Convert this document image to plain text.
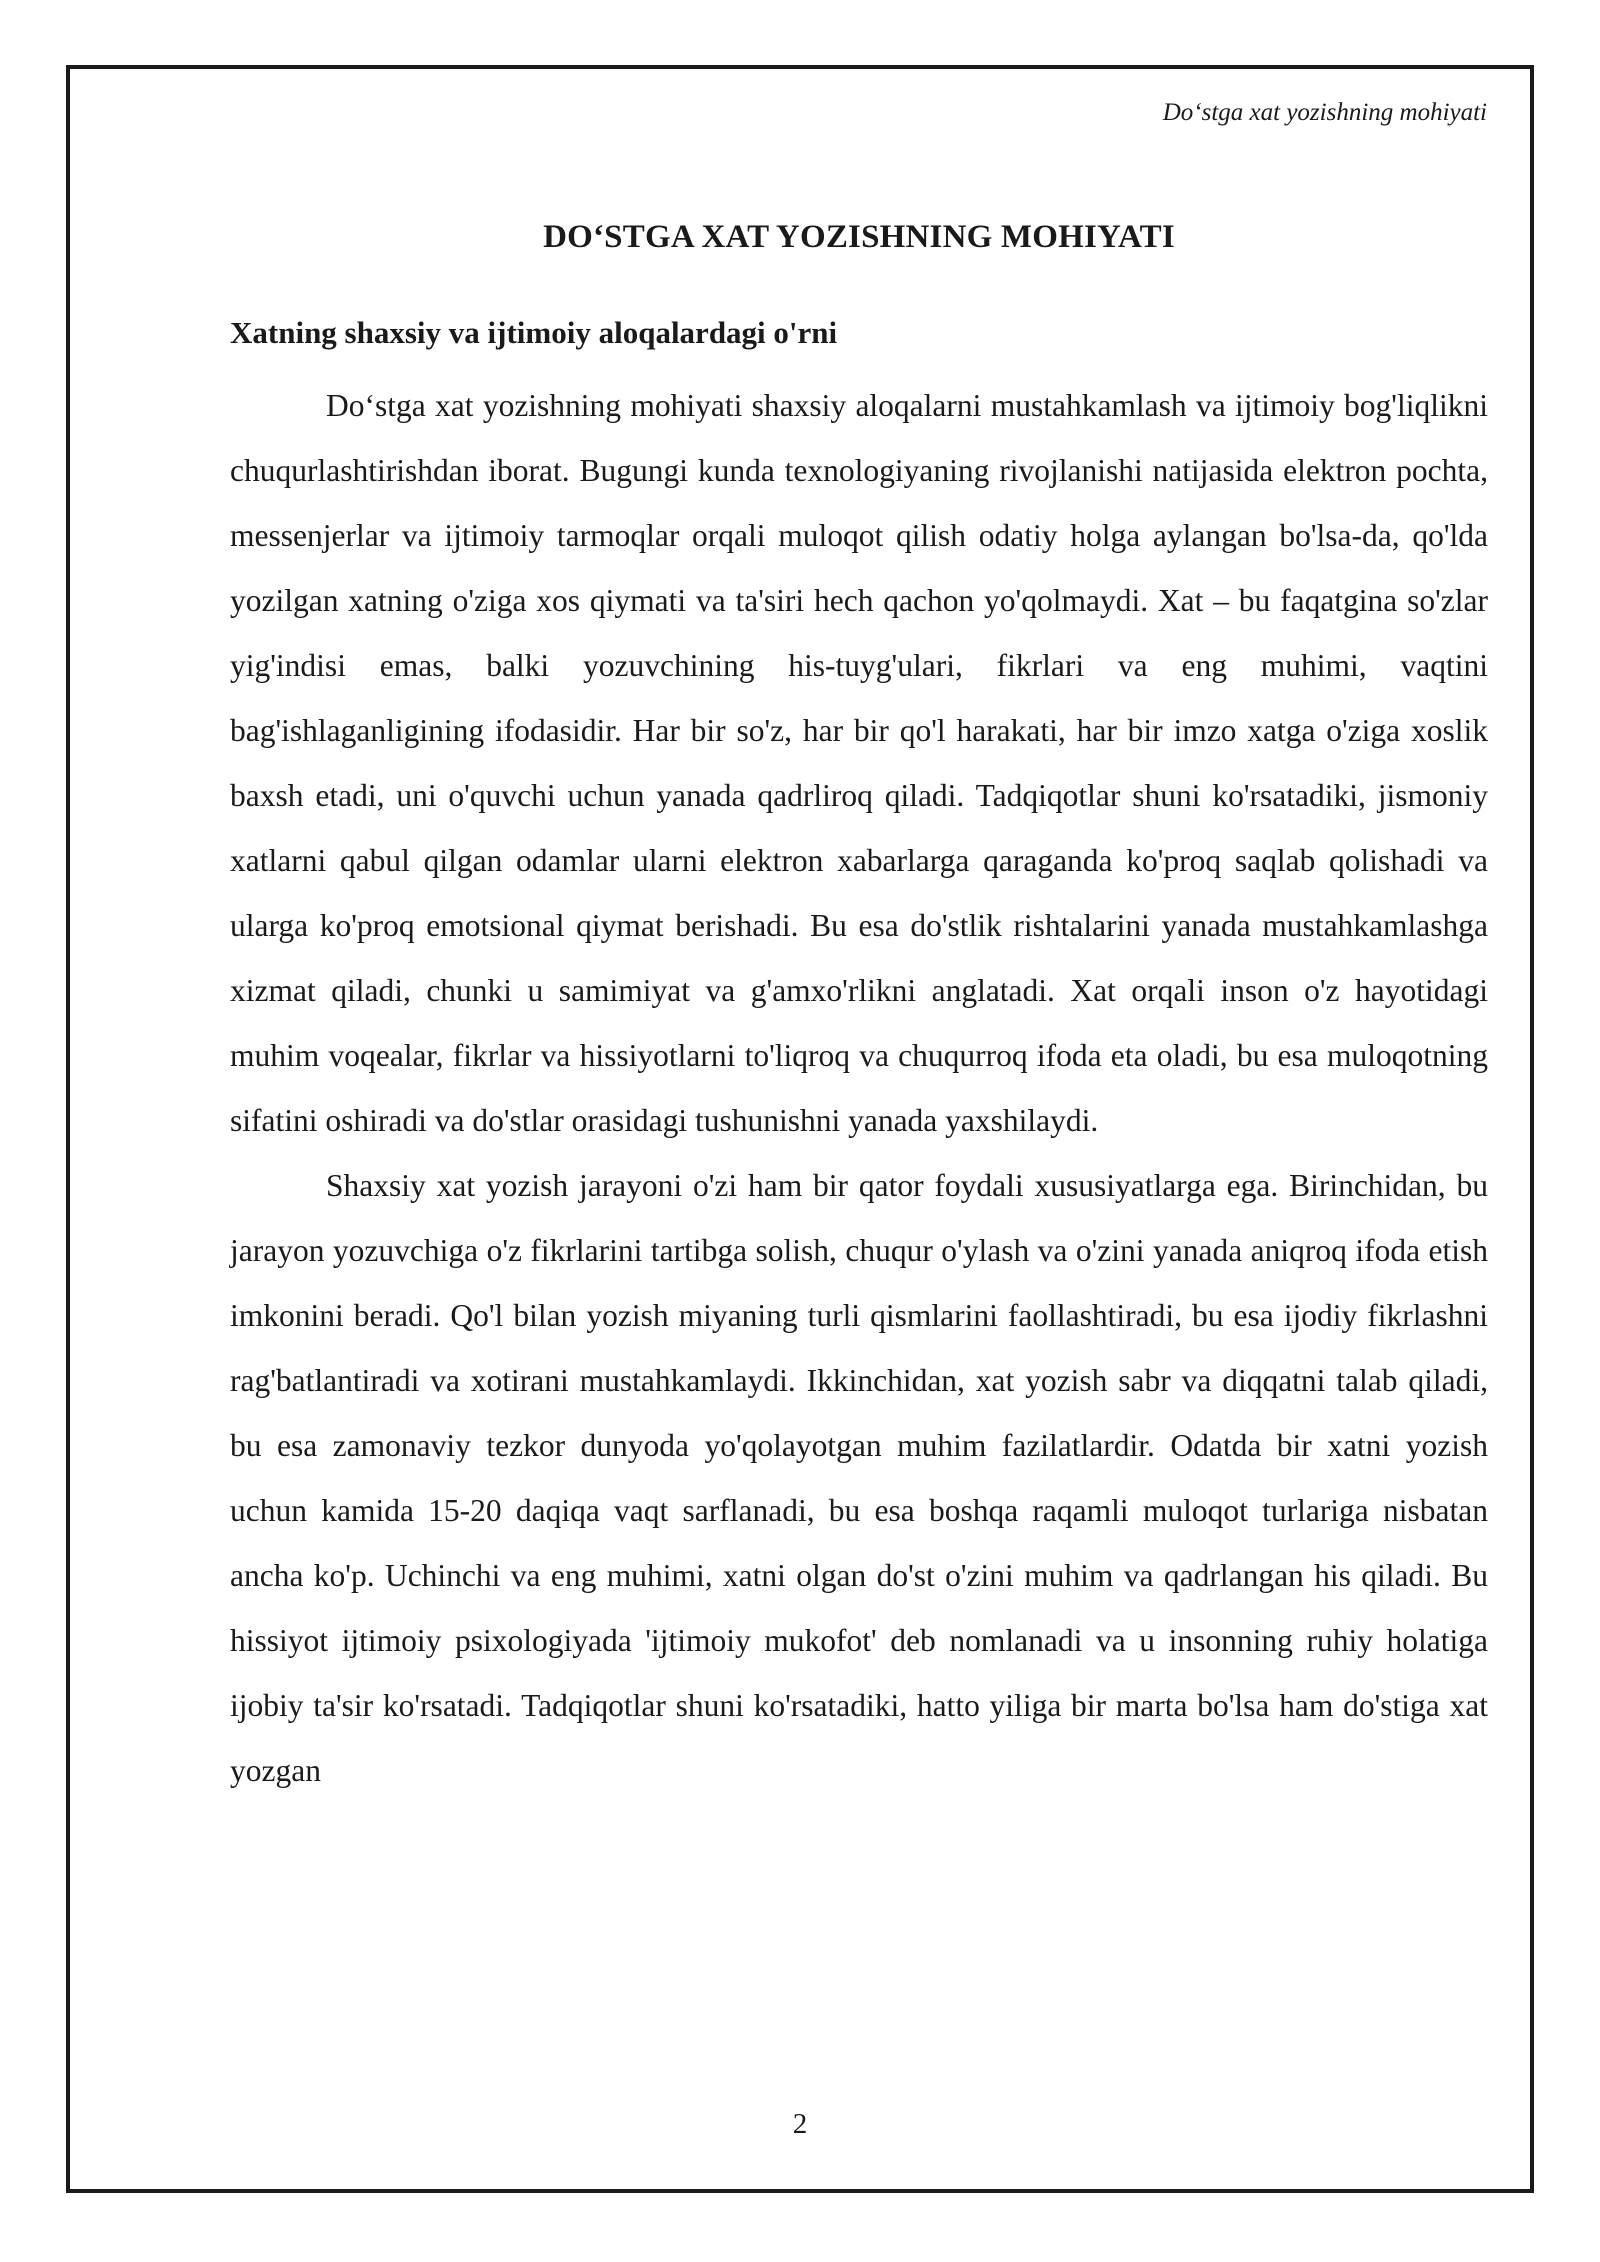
Do‘stga xat yozishning mohiyati
DO‘STGA XAT YOZISHNING MOHIYATI
Xatning shaxsiy va ijtimoiy aloqalardagi o'rni

Do‘stga xat yozishning mohiyati shaxsiy aloqalarni mustahkamlash va ijtimoiy bog'liqlikni chuqurlashtirishdan iborat. Bugungi kunda texnologiyaning rivojlanishi natijasida elektron pochta, messenjerlar va ijtimoiy tarmoqlar orqali muloqot qilish odatiy holga aylangan bo'lsa-da, qo'lda yozilgan xatning o'ziga xos qiymati va ta'siri hech qachon yo'qolmaydi. Xat – bu faqatgina so'zlar yig'indisi emas, balki yozuvchining his-tuyg'ulari, fikrlari va eng muhimi, vaqtini bag'ishlaganligining ifodasidir. Har bir so'z, har bir qo'l harakati, har bir imzo xatga o'ziga xoslik baxsh etadi, uni o'quvchi uchun yanada qadrliroq qiladi. Tadqiqotlar shuni ko'rsatadiki, jismoniy xatlarni qabul qilgan odamlar ularni elektron xabarlarga qaraganda ko'proq saqlab qolishadi va ularga ko'proq emotsional qiymat berishadi. Bu esa do'stlik rishtalarini yanada mustahkamlashga xizmat qiladi, chunki u samimiyat va g'amxo'rlikni anglatadi. Xat orqali inson o'z hayotidagi muhim voqealar, fikrlar va hissiyotlarni to'liqroq va chuqurroq ifoda eta oladi, bu esa muloqotning sifatini oshiradi va do'stlar orasidagi tushunishni yanada yaxshilaydi.

Shaxsiy xat yozish jarayoni o'zi ham bir qator foydali xususiyatlarga ega. Birinchidan, bu jarayon yozuvchiga o'z fikrlarini tartibga solish, chuqur o'ylash va o'zini yanada aniqroq ifoda etish imkonini beradi. Qo'l bilan yozish miyaning turli qismlarini faollashtiradi, bu esa ijodiy fikrlashni rag'batlantiradi va xotirani mustahkamlaydi. Ikkinchidan, xat yozish sabr va diqqatni talab qiladi, bu esa zamonaviy tezkor dunyoda yo'qolayotgan muhim fazilatlardir. Odatda bir xatni yozish uchun kamida 15-20 daqiqa vaqt sarflanadi, bu esa boshqa raqamli muloqot turlariga nisbatan ancha ko'p. Uchinchi va eng muhimi, xatni olgan do'st o'zini muhim va qadrlangan his qiladi. Bu hissiyot ijtimoiy psixologiyada 'ijtimoiy mukofot' deb nomlanadi va u insonning ruhiy holatiga ijobiy ta'sir ko'rsatadi. Tadqiqotlar shuni ko'rsatadiki, hatto yiliga bir marta bo'lsa ham do'stiga xat yozgan

2
